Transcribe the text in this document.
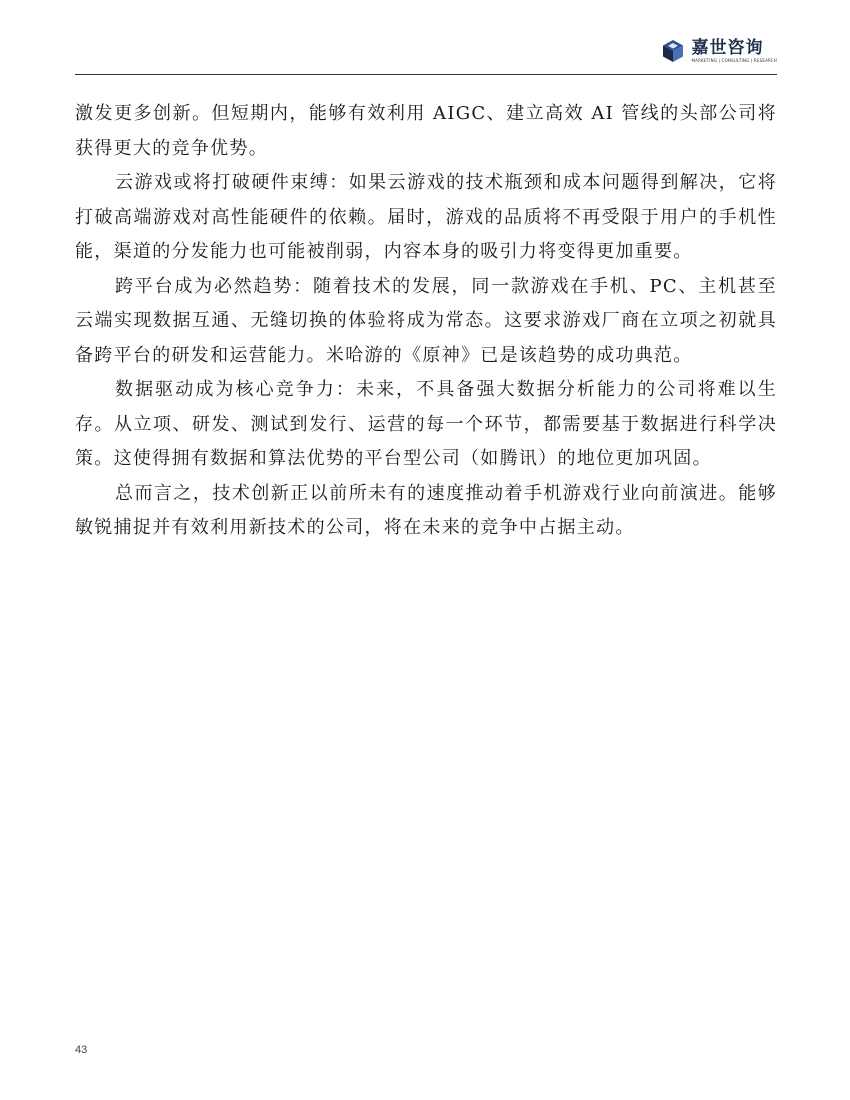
嘉世咨询
MARKETING | CONSULTING | RESEARCH

激发更多创新。但短期内，能够有效利用 AIGC、建立高效 AI 管线的头部公司将获得更大的竞争优势。

云游戏或将打破硬件束缚：如果云游戏的技术瓶颈和成本问题得到解决，它将打破高端游戏对高性能硬件的依赖。届时，游戏的品质将不再受限于用户的手机性能，渠道的分发能力也可能被削弱，内容本身的吸引力将变得更加重要。

跨平台成为必然趋势：随着技术的发展，同一款游戏在手机、PC、主机甚至云端实现数据互通、无缝切换的体验将成为常态。这要求游戏厂商在立项之初就具备跨平台的研发和运营能力。米哈游的《原神》已是该趋势的成功典范。

数据驱动成为核心竞争力：未来，不具备强大数据分析能力的公司将难以生存。从立项、研发、测试到发行、运营的每一个环节，都需要基于数据进行科学决策。这使得拥有数据和算法优势的平台型公司（如腾讯）的地位更加巩固。

总而言之，技术创新正以前所未有的速度推动着手机游戏行业向前演进。能够敏锐捕捉并有效利用新技术的公司，将在未来的竞争中占据主动。

43
